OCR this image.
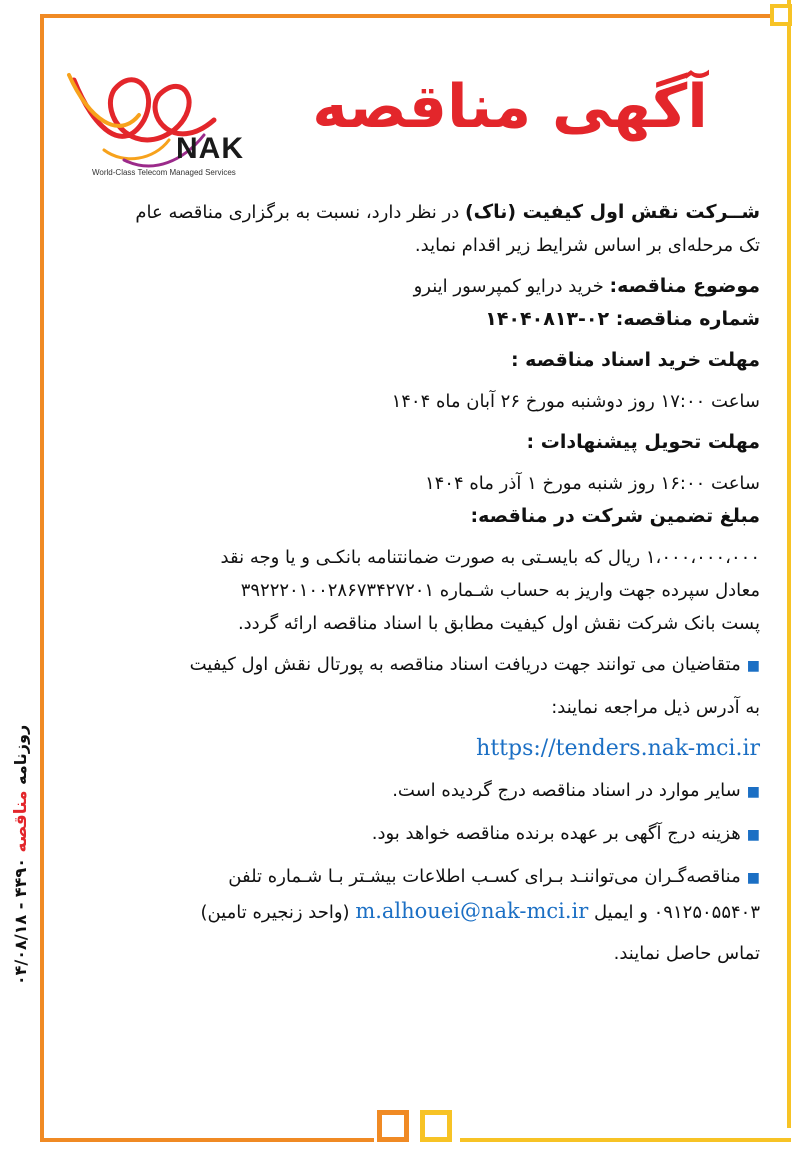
NAK
World-Class Telecom Managed Services
آگهی مناقصه

شــرکت نقش اول کیفیت (ناک) در نظر دارد، نسبت به برگزاری مناقصه عام

تک مرحله‌ای بر اساس شرایط زیر اقدام نماید.

موضوع مناقصه: خرید درایو کمپرسور اینرو

شماره مناقصه: ۰۲-۱۴۰۴۰۸۱۳

مهلت خرید اسناد مناقصه :

ساعت ۱۷:۰۰ روز دوشنبه مورخ ۲۶ آبان ماه ۱۴۰۴

مهلت تحویل پیشنهادات :

ساعت ۱۶:۰۰ روز شنبه مورخ ۱ آذر ماه ۱۴۰۴

مبلغ تضمین شرکت در مناقصه:

۱،۰۰۰،۰۰۰،۰۰۰ ریال که بایسـتی به صورت ضمانتنامه بانکـی و یا وجه نقد

معادل سپرده جهت واریز به حساب شـماره ۳۹۲۲۲۰۱۰۰۲۸۶۷۳۴۲۷۲۰۱

پست بانک شرکت نقش اول کیفیت مطابق با اسناد مناقصه ارائه گردد.

■متقاضیان می توانند جهت دریافت اسناد مناقصه به پورتال نقش اول کیفیت

به آدرس ذیل مراجعه نمایند:

https://tenders.nak-mci.ir

■سایر موارد در اسناد مناقصه درج گردیده است.

■هزینه درج آگهی بر عهده برنده مناقصه خواهد بود.

■مناقصه‌گـران می‌تواننـد بـرای کسـب اطلاعات بیشـتر بـا شـماره تلفن

۰۹۱۲۵۰۵۵۴۰۳ و ایمیل m.alhouei@nak-mci.ir (واحد زنجیره تامین)

تماس حاصل نمایند.

روزنامه مناقصه ۴۴۹۰ - ۰۴/۰۸/۱۸
